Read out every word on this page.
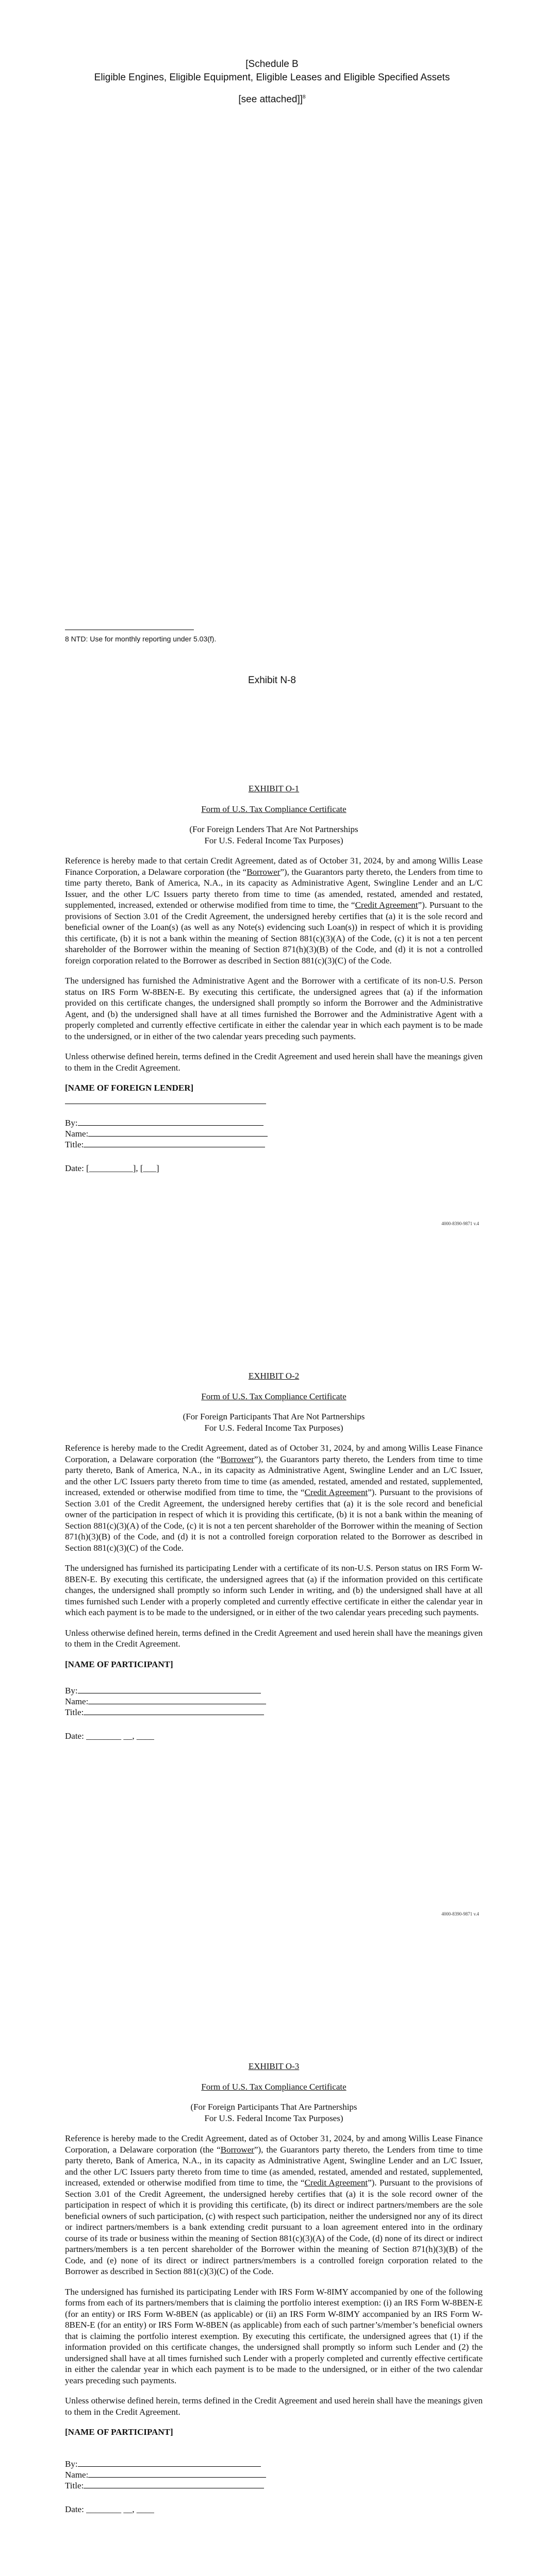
[Schedule B
Eligible Engines, Eligible Equipment, Eligible Leases and Eligible Specified Assets
[see attached]]$^8$
8 NTD: Use for monthly reporting under 5.03(f).
Exhibit N-8
EXHIBIT O-1
Form of U.S. Tax Compliance Certificate
(For Foreign Lenders That Are Not Partnerships
For U.S. Federal Income Tax Purposes)

Reference is hereby made to that certain Credit Agreement, dated as of October 31, 2024, by and among Willis Lease Finance Corporation, a Delaware corporation (the “Borrower”), the Guarantors party thereto, the Lenders from time to time party thereto, Bank of America, N.A., in its capacity as Administrative Agent, Swingline Lender and an L/C Issuer, and the other L/C Issuers party thereto from time to time (as amended, restated, amended and restated, supplemented, increased, extended or otherwise modified from time to time, the “Credit Agreement”). Pursuant to the provisions of Section 3.01 of the Credit Agreement, the undersigned hereby certifies that (a) it is the sole record and beneficial owner of the Loan(s) (as well as any Note(s) evidencing such Loan(s)) in respect of which it is providing this certificate, (b) it is not a bank within the meaning of Section 881(c)(3)(A) of the Code, (c) it is not a ten percent shareholder of the Borrower within the meaning of Section 871(h)(3)(B) of the Code, and (d) it is not a controlled foreign corporation related to the Borrower as described in Section 881(c)(3)(C) of the Code.

The undersigned has furnished the Administrative Agent and the Borrower with a certificate of its non-U.S. Person status on IRS Form W-8BEN-E. By executing this certificate, the undersigned agrees that (a) if the information provided on this certificate changes, the undersigned shall promptly so inform the Borrower and the Administrative Agent, and (b) the undersigned shall have at all times furnished the Borrower and the Administrative Agent with a properly completed and currently effective certificate in either the calendar year in which each payment is to be made to the undersigned, or in either of the two calendar years preceding such payments.

Unless otherwise defined herein, terms defined in the Credit Agreement and used herein shall have the meanings given to them in the Credit Agreement.

[NAME OF FOREIGN LENDER]

By:

Name:

Title:

Date: [__________], [___]

4000-8390-9871 v.4
EXHIBIT O-2
Form of U.S. Tax Compliance Certificate
(For Foreign Participants That Are Not Partnerships
For U.S. Federal Income Tax Purposes)

Reference is hereby made to the Credit Agreement, dated as of October 31, 2024, by and among Willis Lease Finance Corporation, a Delaware corporation (the “Borrower”), the Guarantors party thereto, the Lenders from time to time party thereto, Bank of America, N.A., in its capacity as Administrative Agent, Swingline Lender and an L/C Issuer, and the other L/C Issuers party thereto from time to time (as amended, restated, amended and restated, supplemented, increased, extended or otherwise modified from time to time, the “Credit Agreement”). Pursuant to the provisions of Section 3.01 of the Credit Agreement, the undersigned hereby certifies that (a) it is the sole record and beneficial owner of the participation in respect of which it is providing this certificate, (b) it is not a bank within the meaning of Section 881(c)(3)(A) of the Code, (c) it is not a ten percent shareholder of the Borrower within the meaning of Section 871(h)(3)(B) of the Code, and (d) it is not a controlled foreign corporation related to the Borrower as described in Section 881(c)(3)(C) of the Code.

The undersigned has furnished its participating Lender with a certificate of its non-U.S. Person status on IRS Form W-8BEN-E. By executing this certificate, the undersigned agrees that (a) if the information provided on this certificate changes, the undersigned shall promptly so inform such Lender in writing, and (b) the undersigned shall have at all times furnished such Lender with a properly completed and currently effective certificate in either the calendar year in which each payment is to be made to the undersigned, or in either of the two calendar years preceding such payments.

Unless otherwise defined herein, terms defined in the Credit Agreement and used herein shall have the meanings given to them in the Credit Agreement.

[NAME OF PARTICIPANT]

By:

Name:

Title:

Date: ________ __, ____

4000-8390-9871 v.4
EXHIBIT O-3
Form of U.S. Tax Compliance Certificate
(For Foreign Participants That Are Partnerships
For U.S. Federal Income Tax Purposes)

Reference is hereby made to the Credit Agreement, dated as of October 31, 2024, by and among Willis Lease Finance Corporation, a Delaware corporation (the “Borrower”), the Guarantors party thereto, the Lenders from time to time party thereto, Bank of America, N.A., in its capacity as Administrative Agent, Swingline Lender and an L/C Issuer, and the other L/C Issuers party thereto from time to time (as amended, restated, amended and restated, supplemented, increased, extended or otherwise modified from time to time, the “Credit Agreement”). Pursuant to the provisions of Section 3.01 of the Credit Agreement, the undersigned hereby certifies that (a) it is the sole record owner of the participation in respect of which it is providing this certificate, (b) its direct or indirect partners/members are the sole beneficial owners of such participation, (c) with respect such participation, neither the undersigned nor any of its direct or indirect partners/members is a bank extending credit pursuant to a loan agreement entered into in the ordinary course of its trade or business within the meaning of Section 881(c)(3)(A) of the Code, (d) none of its direct or indirect partners/members is a ten percent shareholder of the Borrower within the meaning of Section 871(h)(3)(B) of the Code, and (e) none of its direct or indirect partners/members is a controlled foreign corporation related to the Borrower as described in Section 881(c)(3)(C) of the Code.

The undersigned has furnished its participating Lender with IRS Form W-8IMY accompanied by one of the following forms from each of its partners/members that is claiming the portfolio interest exemption: (i) an IRS Form W-8BEN-E (for an entity) or IRS Form W-8BEN (as applicable) or (ii) an IRS Form W-8IMY accompanied by an IRS Form W-8BEN-E (for an entity) or IRS Form W-8BEN (as applicable) from each of such partner’s/member’s beneficial owners that is claiming the portfolio interest exemption. By executing this certificate, the undersigned agrees that (1) if the information provided on this certificate changes, the undersigned shall promptly so inform such Lender and (2) the undersigned shall have at all times furnished such Lender with a properly completed and currently effective certificate in either the calendar year in which each payment is to be made to the undersigned, or in either of the two calendar years preceding such payments.

Unless otherwise defined herein, terms defined in the Credit Agreement and used herein shall have the meanings given to them in the Credit Agreement.

[NAME OF PARTICIPANT]

By:

Name:

Title:

Date: ________ __, ____
